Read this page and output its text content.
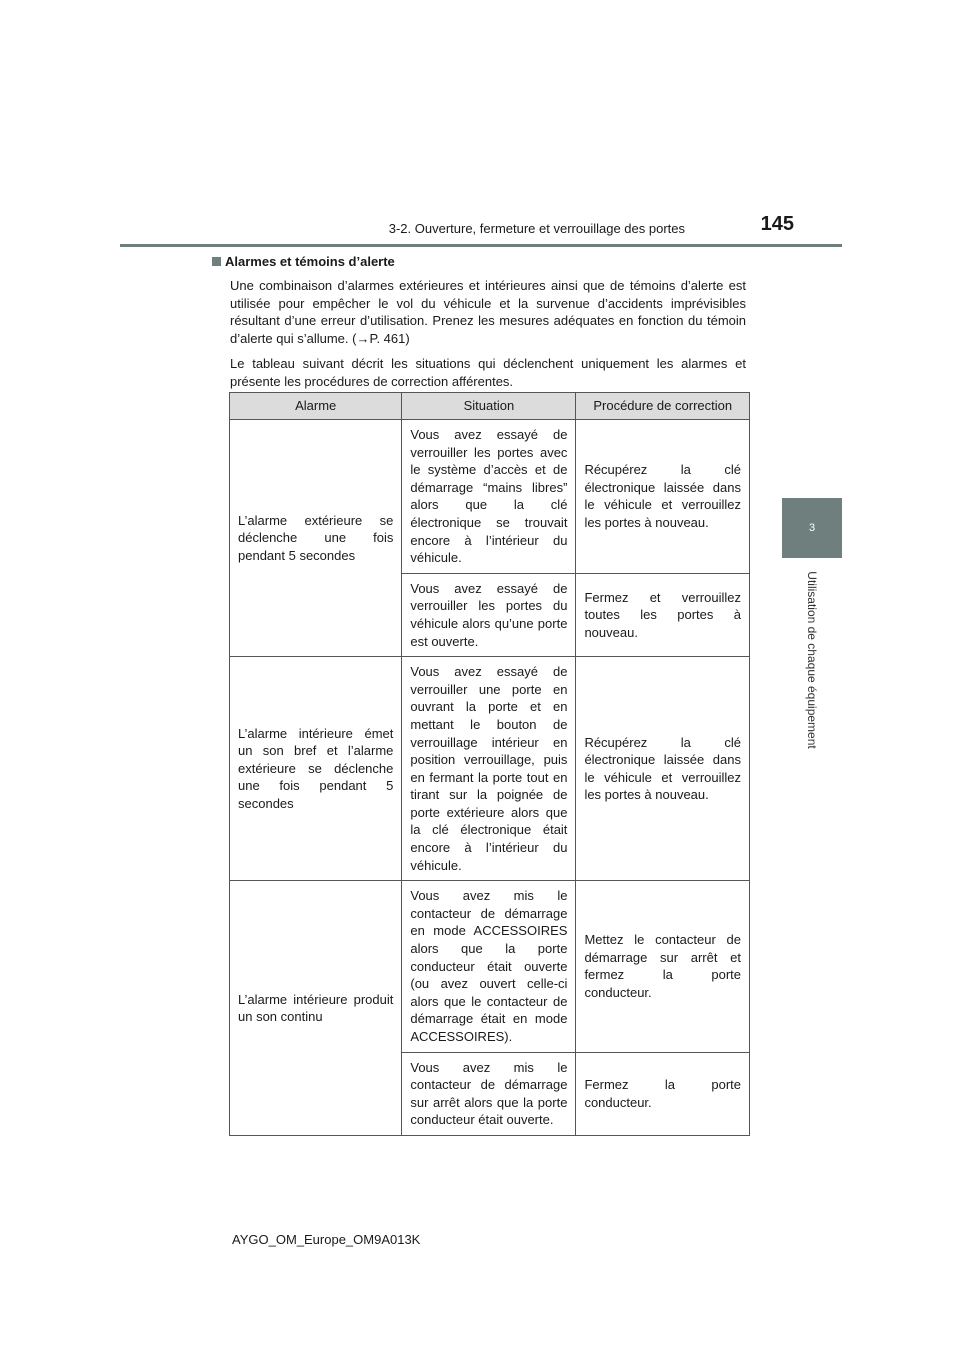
3-2. Ouverture, fermeture et verrouillage des portes	145
3
Utilisation de chaque équipement
Alarmes et témoins d’alerte

Une combinaison d’alarmes extérieures et intérieures ainsi que de témoins d’alerte est utilisée pour empêcher le vol du véhicule et la survenue d’accidents imprévisibles résultant d’une erreur d’utilisation. Prenez les mesures adéquates en fonction du témoin d’alerte qui s’allume. (→P. 461)

Le tableau suivant décrit les situations qui déclenchent uniquement les alarmes et présente les procédures de correction afférentes.

Alarme	Situation	Procédure de correction
L’alarme extérieure se déclenche une fois pendant 5 secondes	Vous avez essayé de verrouiller les portes avec le système d’accès et de démarrage “mains libres” alors que la clé électronique se trouvait encore à l’intérieur du véhicule.	Récupérez la clé électronique laissée dans le véhicule et verrouillez les portes à nouveau.
	Vous avez essayé de verrouiller les portes du véhicule alors qu’une porte est ouverte.	Fermez et verrouillez toutes les portes à nouveau.
L’alarme intérieure émet un son bref et l’alarme extérieure se déclenche une fois pendant 5 secondes	Vous avez essayé de verrouiller une porte en ouvrant la porte et en mettant le bouton de verrouillage intérieur en position verrouillage, puis en fermant la porte tout en tirant sur la poignée de porte extérieure alors que la clé électronique était encore à l’intérieur du véhicule.	Récupérez la clé électronique laissée dans le véhicule et verrouillez les portes à nouveau.
L’alarme intérieure produit un son continu	Vous avez mis le contacteur de démarrage en mode ACCESSOIRES alors que la porte conducteur était ouverte (ou avez ouvert celle-ci alors que le contacteur de démarrage était en mode ACCESSOIRES).	Mettez le contacteur de démarrage sur arrêt et fermez la porte conducteur.
	Vous avez mis le contacteur de démarrage sur arrêt alors que la porte conducteur était ouverte.	Fermez la porte conducteur.
AYGO_OM_Europe_OM9A013K
